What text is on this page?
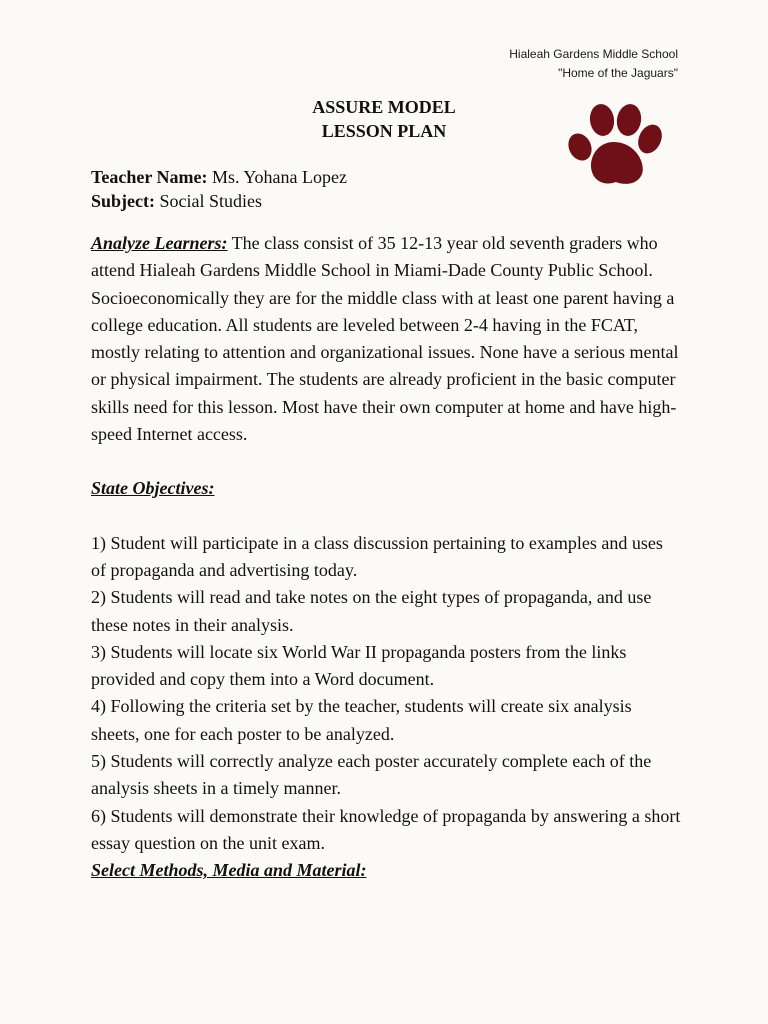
Hialeah Gardens Middle School
"Home of the Jaguars"
ASSURE MODEL
LESSON PLAN
Teacher Name: Ms. Yohana Lopez
Subject: Social Studies

Analyze Learners: The class consist of 35 12-13 year old seventh graders who attend Hialeah Gardens Middle School in Miami-Dade County Public School. Socioeconomically they are for the middle class with at least one parent having a college education. All students are leveled between 2-4 having in the FCAT, mostly relating to attention and organizational issues. None have a serious mental or physical impairment. The students are already proficient in the basic computer skills need for this lesson. Most have their own computer at home and have high-speed Internet access.

State Objectives:

1) Student will participate in a class discussion pertaining to examples and uses of propaganda and advertising today.

2) Students will read and take notes on the eight types of propaganda, and use these notes in their analysis.

3) Students will locate six World War II propaganda posters from the links provided and copy them into a Word document.

4) Following the criteria set by the teacher, students will create six analysis sheets, one for each poster to be analyzed.

5) Students will correctly analyze each poster accurately complete each of the analysis sheets in a timely manner.

6) Students will demonstrate their knowledge of propaganda by answering a short essay question on the unit exam.

Select Methods, Media and Material:
